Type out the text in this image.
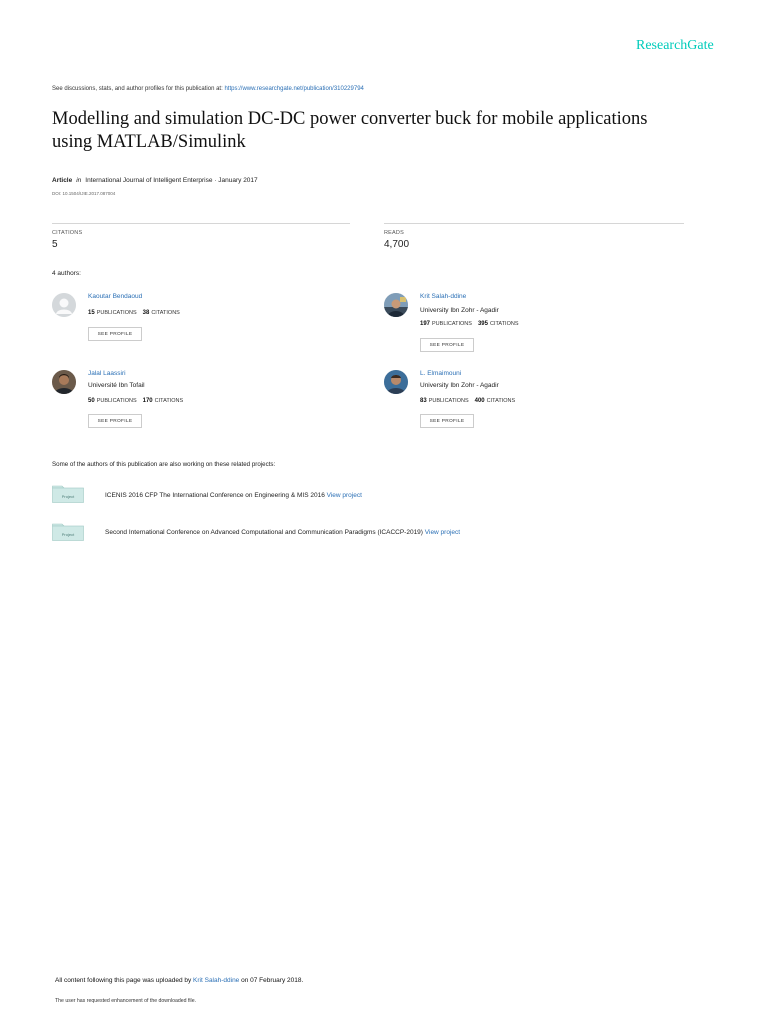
ResearchGate
See discussions, stats, and author profiles for this publication at: https://www.researchgate.net/publication/310229794
Modelling and simulation DC-DC power converter buck for mobile applications using MATLAB/Simulink
Article in International Journal of Intelligent Enterprise · January 2017
DOI: 10.1504/IJIE.2017.087004
CITATIONS
5
READS
4,700
4 authors:
Kaoutar Bendaoud
15 PUBLICATIONS 38 CITATIONS
SEE PROFILE
Krit Salah-ddine
University Ibn Zohr - Agadir
197 PUBLICATIONS 395 CITATIONS
SEE PROFILE
Jalal Laassiri
Université Ibn Tofail
50 PUBLICATIONS 170 CITATIONS
SEE PROFILE
L. Elmaimouni
University Ibn Zohr - Agadir
83 PUBLICATIONS 400 CITATIONS
SEE PROFILE
Some of the authors of this publication are also working on these related projects:
Project	ICENIS 2016 CFP The International Conference on Engineering & MIS 2016 View project
Project	Second International Conference on Advanced Computational and Communication Paradigms (ICACCP-2019) View project
All content following this page was uploaded by Krit Salah-ddine on 07 February 2018.
The user has requested enhancement of the downloaded file.
